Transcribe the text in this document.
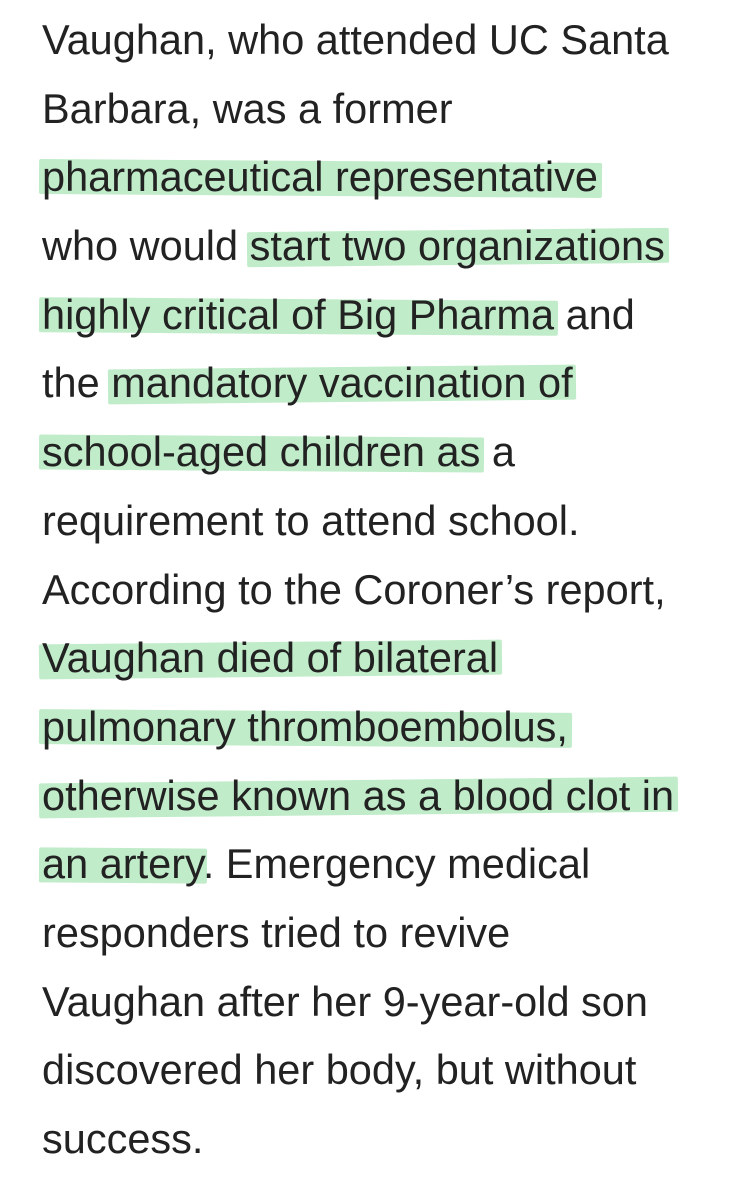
Vaughan, who attended UC Santa
Barbara, was a former
pharmaceutical representative
who would start two organizations
highly critical of Big Pharma and
the mandatory vaccination of
school-aged children as a
requirement to attend school.
According to the Coroner’s report,
Vaughan died of bilateral
pulmonary thromboembolus,
otherwise known as a blood clot in
an artery. Emergency medical
responders tried to revive
Vaughan after her 9-year-old son
discovered her body, but without
success.
